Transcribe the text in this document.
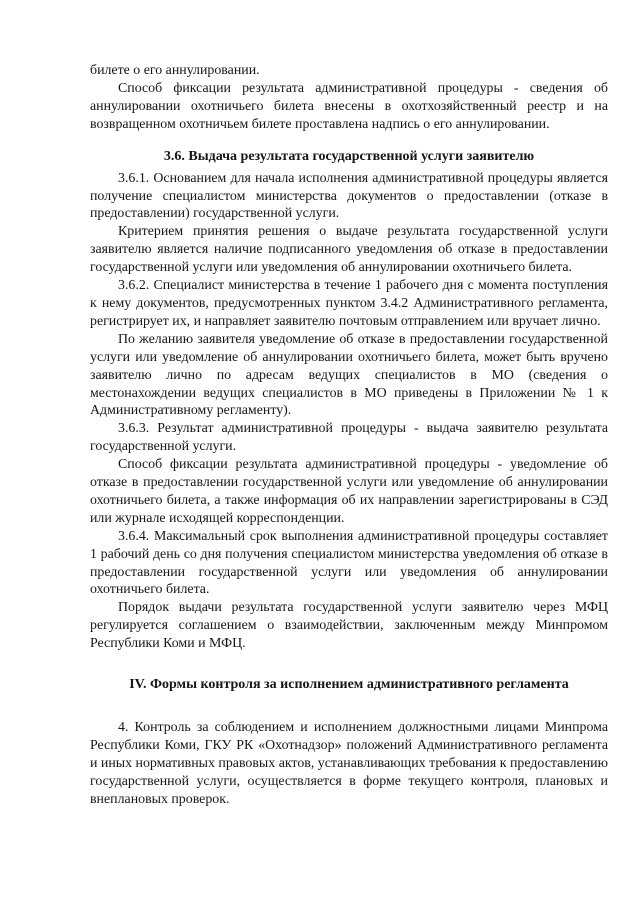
билете о его аннулировании.

Способ фиксации результата административной процедуры - сведения об аннулировании охотничьего билета внесены в охотхозяйственный реестр и на возвращенном охотничьем билете проставлена надпись о его аннулировании.

3.6. Выдача результата государственной услуги заявителю

3.6.1. Основанием для начала исполнения административной процедуры является получение специалистом министерства документов о предоставлении (отказе в предоставлении) государственной услуги.

Критерием принятия решения о выдаче результата государственной услуги заявителю является наличие подписанного уведомления об отказе в предоставлении государственной услуги или уведомления об аннулировании охотничьего билета.

3.6.2. Специалист министерства в течение 1 рабочего дня с момента поступления к нему документов, предусмотренных пунктом 3.4.2 Административного регламента, регистрирует их, и направляет заявителю почтовым отправлением или вручает лично.

По желанию заявителя уведомление об отказе в предоставлении государственной услуги или уведомление об аннулировании охотничьего билета, может быть вручено заявителю лично по адресам ведущих специалистов в МО (сведения о местонахождении ведущих специалистов в МО приведены в Приложении № 1 к Административному регламенту).

3.6.3. Результат административной процедуры - выдача заявителю результата государственной услуги.

Способ фиксации результата административной процедуры - уведомление об отказе в предоставлении государственной услуги или уведомление об аннулировании охотничьего билета, а также информация об их направлении зарегистрированы в СЭД или журнале исходящей корреспонденции.

3.6.4. Максимальный срок выполнения административной процедуры составляет 1 рабочий день со дня получения специалистом министерства уведомления об отказе в предоставлении государственной услуги или уведомления об аннулировании охотничьего билета.

Порядок выдачи результата государственной услуги заявителю через МФЦ регулируется соглашением о взаимодействии, заключенным между Минпромом Республики Коми и МФЦ.

IV. Формы контроля за исполнением административного регламента

4. Контроль за соблюдением и исполнением должностными лицами Минпрома Республики Коми, ГКУ РК «Охотнадзор» положений Административного регламента и иных нормативных правовых актов, устанавливающих требования к предоставлению государственной услуги, осуществляется в форме текущего контроля, плановых и внеплановых проверок.
